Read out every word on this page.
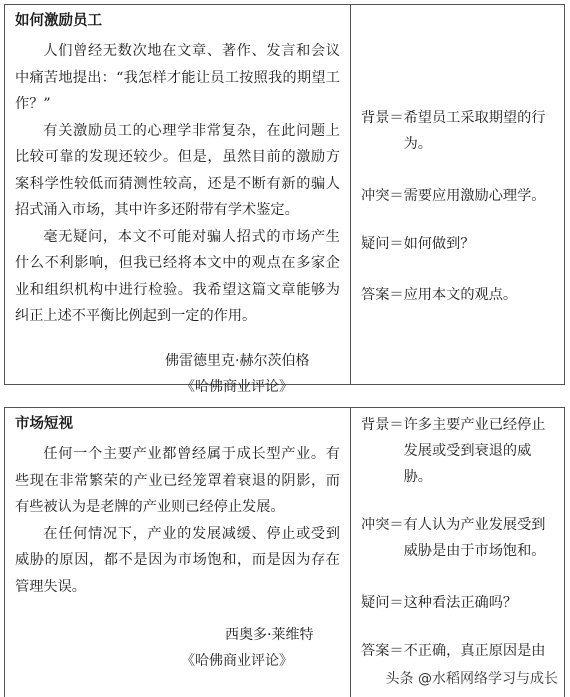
如何激励员工

人们曾经无数次地在文章、著作、发言和会议中痛苦地提出：“我怎样才能让员工按照我的期望工作？”

有关激励员工的心理学非常复杂，在此问题上比较可靠的发现还较少。但是，虽然目前的激励方案科学性较低而猜测性较高，还是不断有新的骗人招式涌入市场，其中许多还附带有学术鉴定。

毫无疑问，本文不可能对骗人招式的市场产生什么不利影响，但我已经将本文中的观点在多家企业和组织机构中进行检验。我希望这篇文章能够为纠正上述不平衡比例起到一定的作用。

佛雷德里克·赫尔茨伯格

《哈佛商业评论》

背景＝ 希望员工采取期望的行为。
冲突＝ 需要应用激励心理学。
疑问＝ 如何做到？
答案＝ 应用本文的观点。
市场短视

任何一个主要产业都曾经属于成长型产业。有些现在非常繁荣的产业已经笼罩着衰退的阴影，而有些被认为是老牌的产业则已经停止发展。

在任何情况下，产业的发展减缓、停止或受到威胁的原因，都不是因为市场饱和，而是因为存在管理失误。

西奥多·莱维特

《哈佛商业评论》

背景＝ 许多主要产业已经停止发展或受到衰退的威胁。
冲突＝ 有人认为产业发展受到威胁是由于市场饱和。
疑问＝ 这种看法正确吗？
答案＝ 不正确，真正原因是由
头条 @水稻网络学习与成长
